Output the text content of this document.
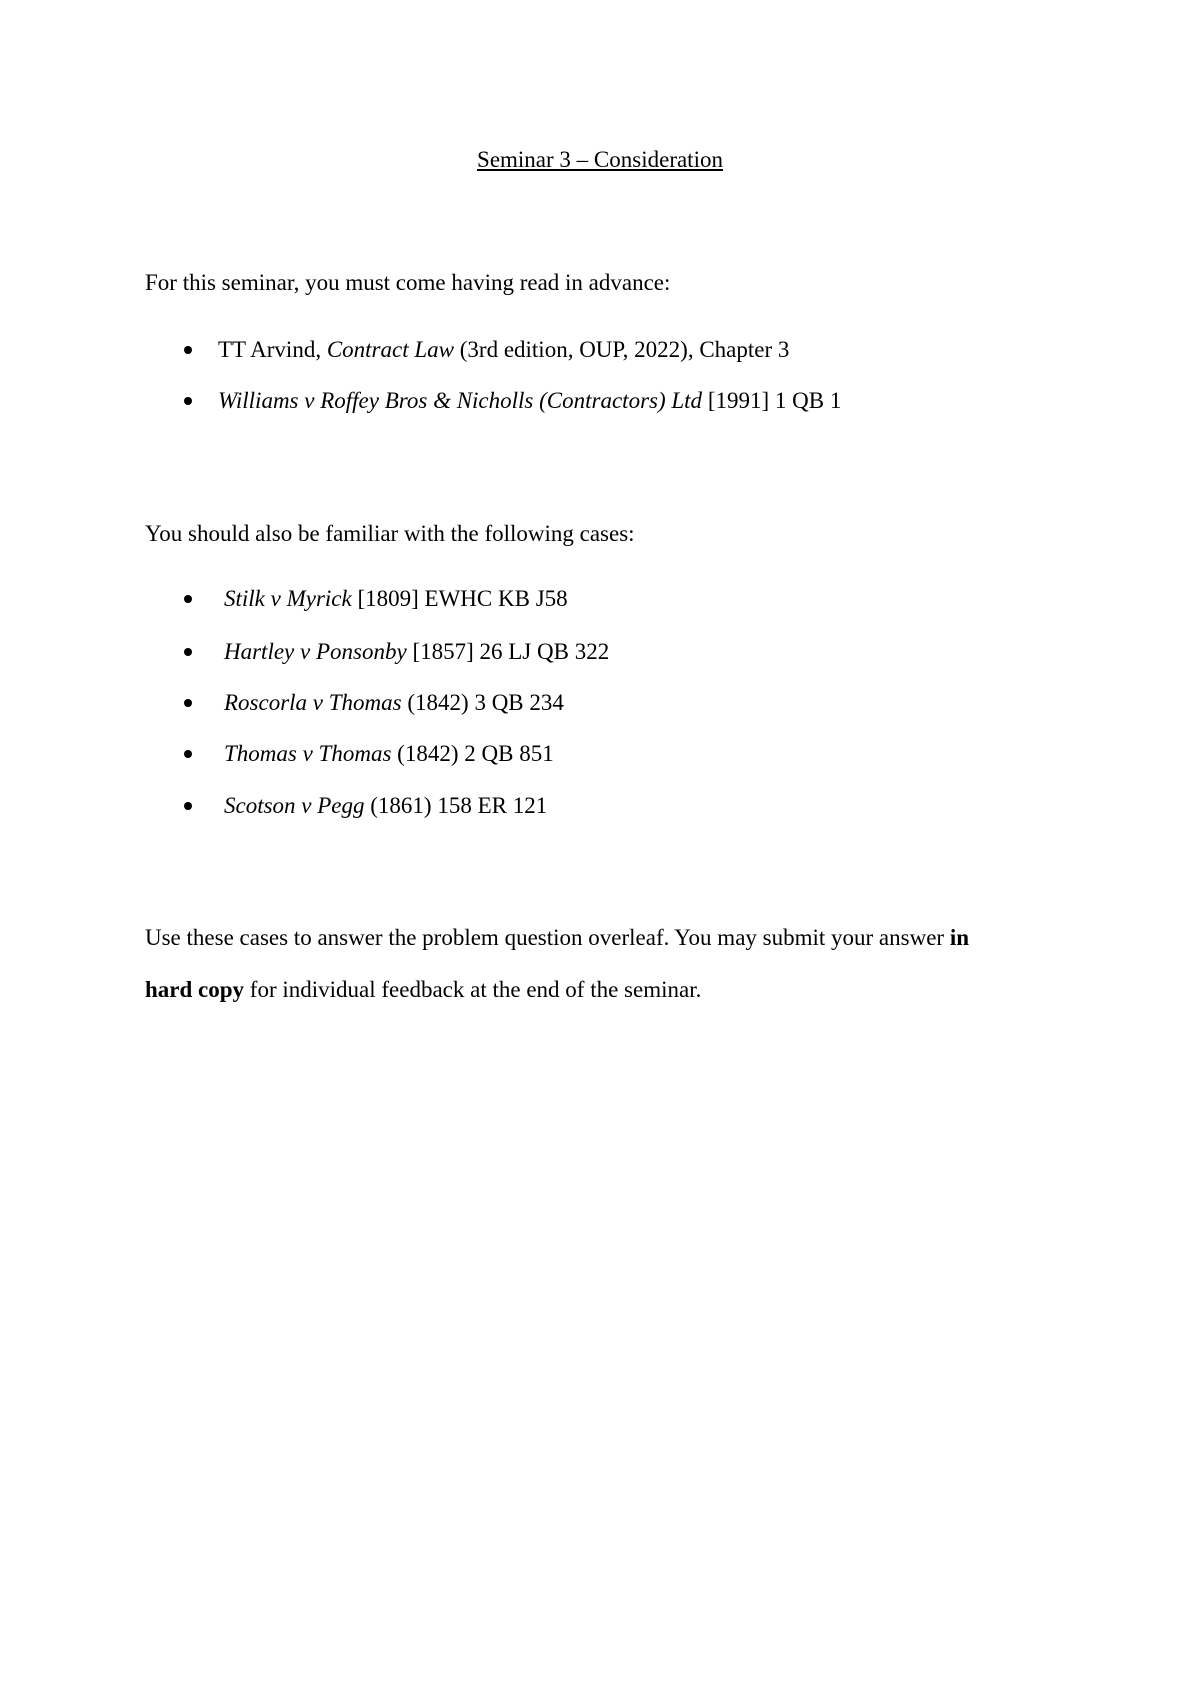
Seminar 3 – Consideration

For this seminar, you must come having read in advance:

TT Arvind, Contract Law (3rd edition, OUP, 2022), Chapter 3
Williams v Roffey Bros & Nicholls (Contractors) Ltd [1991] 1 QB 1

You should also be familiar with the following cases:

Stilk v Myrick [1809] EWHC KB J58
Hartley v Ponsonby [1857] 26 LJ QB 322
Roscorla v Thomas (1842) 3 QB 234
Thomas v Thomas (1842) 2 QB 851
Scotson v Pegg (1861) 158 ER 121

Use these cases to answer the problem question overleaf. You may submit your answer in

hard copy for individual feedback at the end of the seminar.
